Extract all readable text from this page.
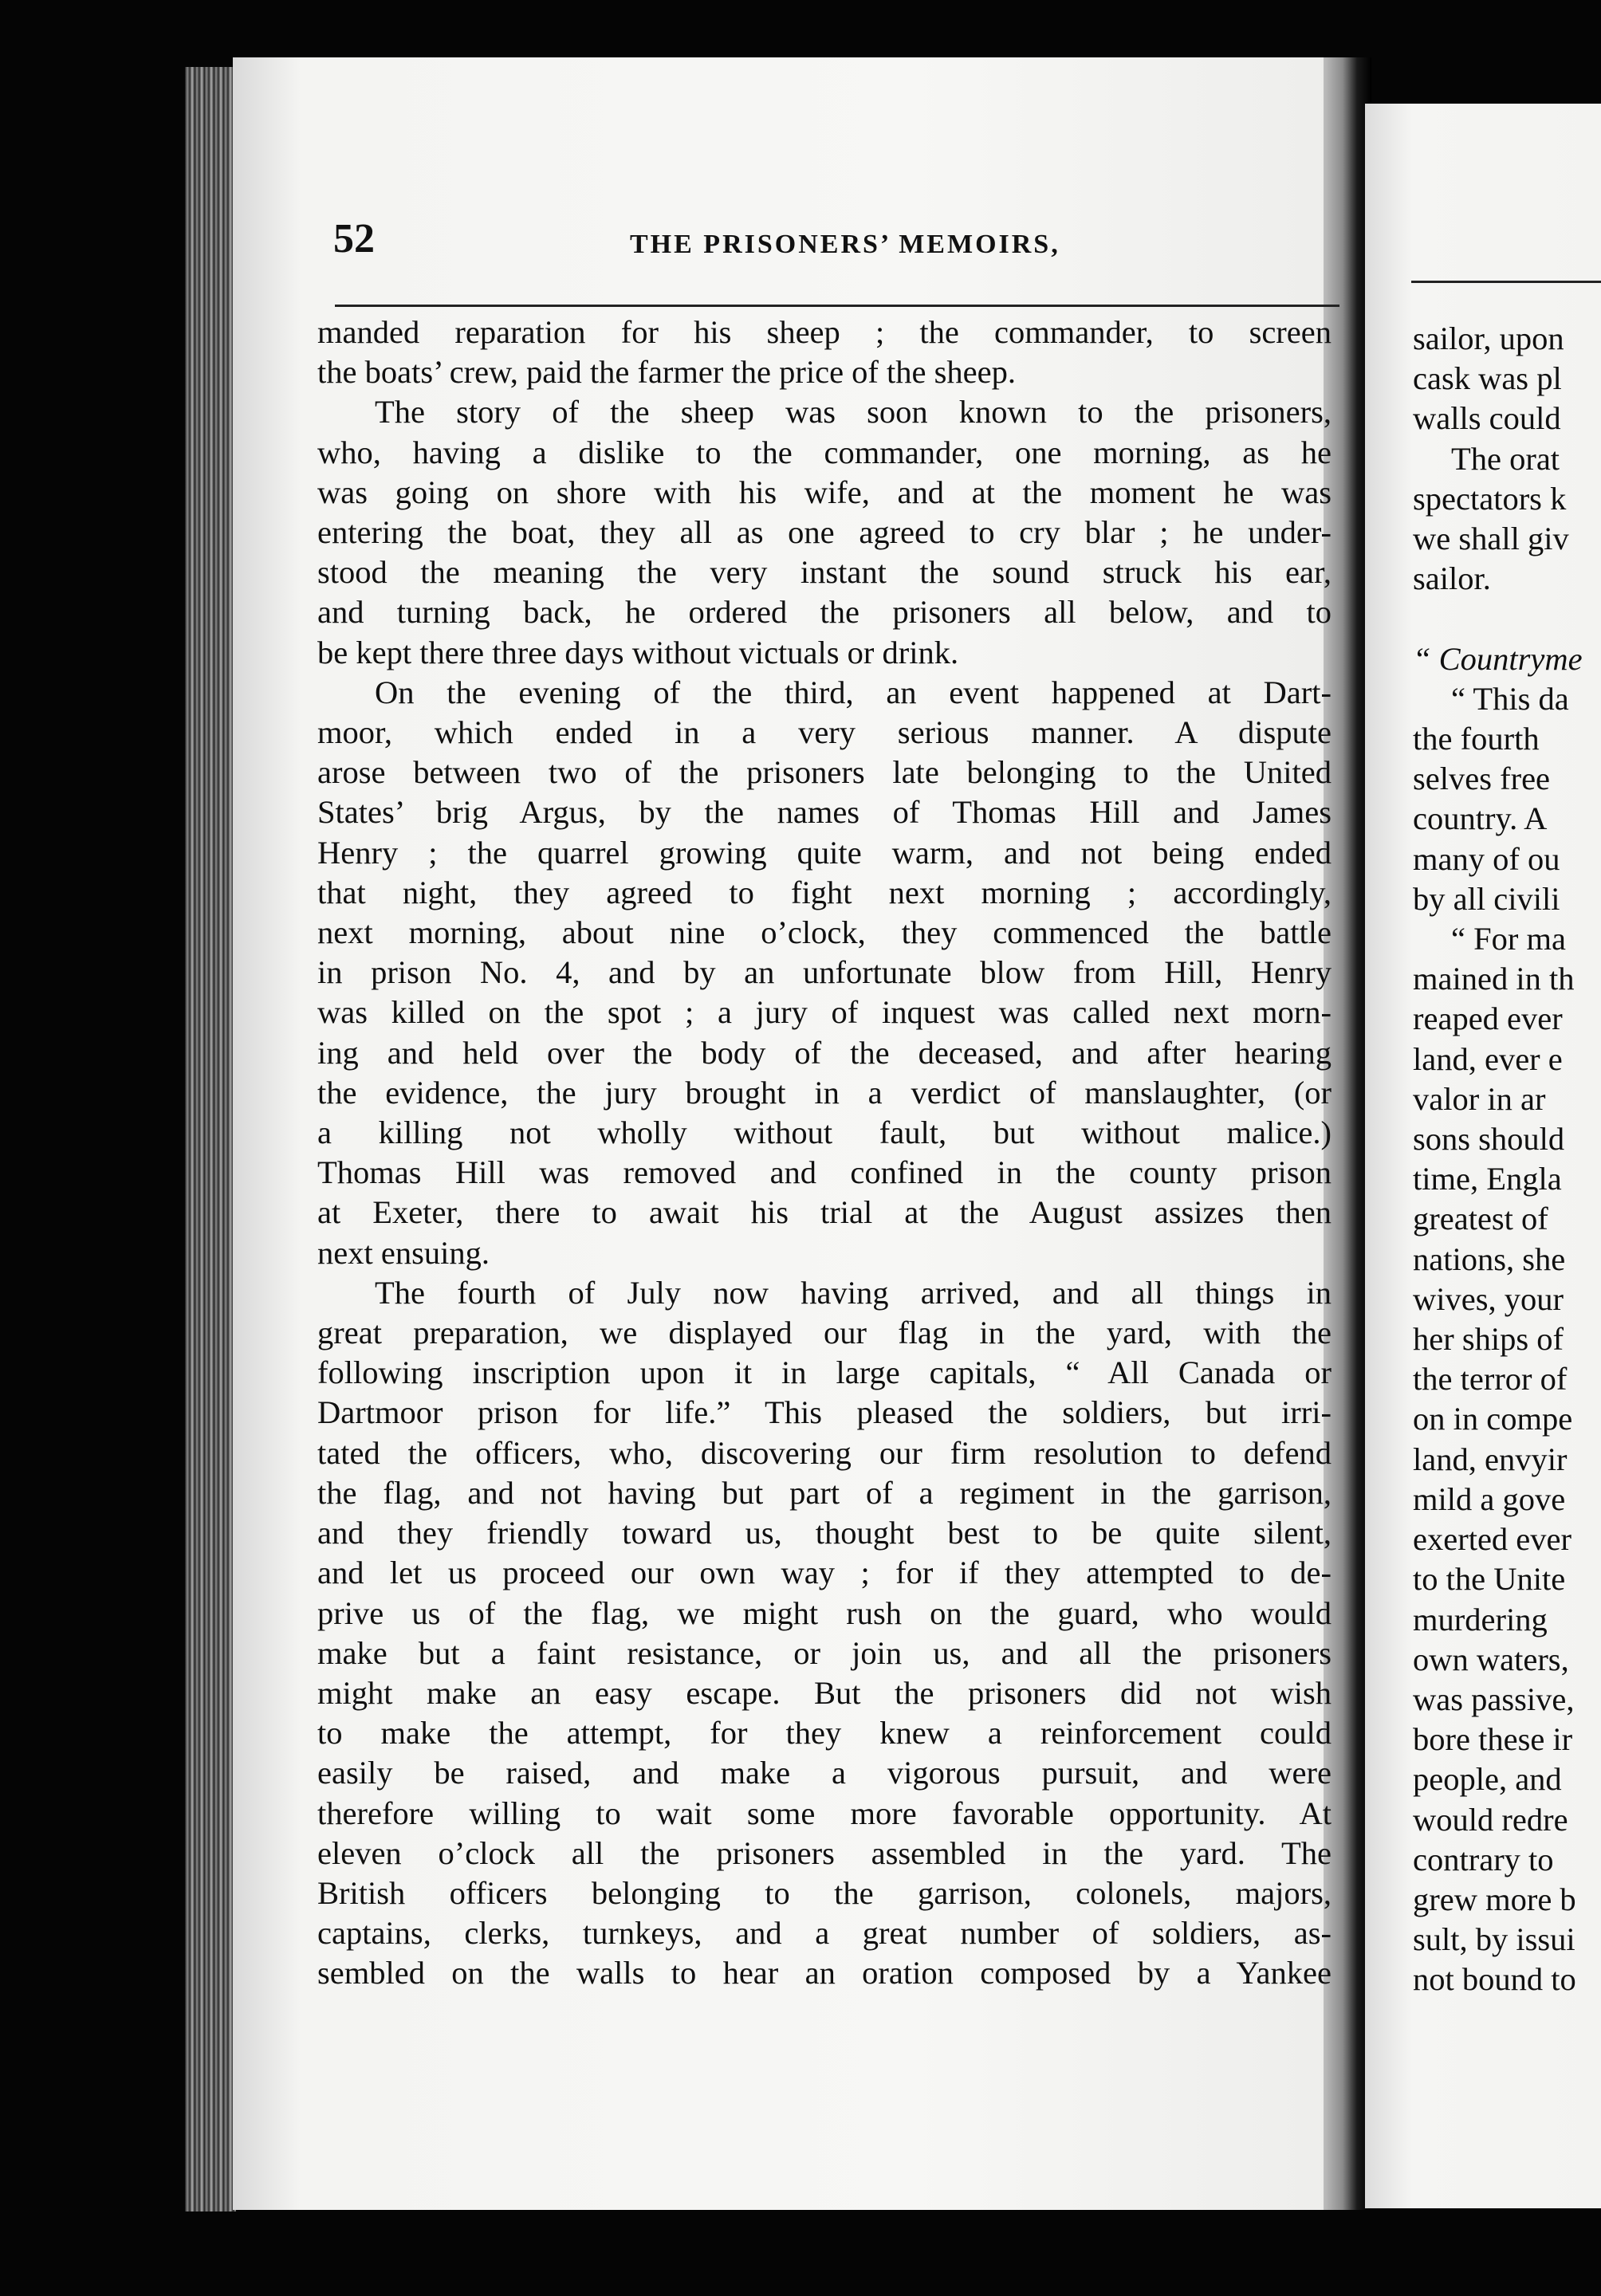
52	THE PRISONERS’ MEMOIRS,
manded reparation for his sheep ; the commander, to screen
the boats’ crew, paid the farmer the price of the sheep.
The story of the sheep was soon known to the prisoners,
who, having a dislike to the commander, one morning, as he
was going on shore with his wife, and at the moment he was
entering the boat, they all as one agreed to cry blar ; he under-
stood the meaning the very instant the sound struck his ear,
and turning back, he ordered the prisoners all below, and to
be kept there three days without victuals or drink.
On the evening of the third, an event happened at Dart-
moor, which ended in a very serious manner. A dispute
arose between two of the prisoners late belonging to the United
States’ brig Argus, by the names of Thomas Hill and James
Henry ; the quarrel growing quite warm, and not being ended
that night, they agreed to fight next morning ; accordingly,
next morning, about nine o’clock, they commenced the battle
in prison No. 4, and by an unfortunate blow from Hill, Henry
was killed on the spot ; a jury of inquest was called next morn-
ing and held over the body of the deceased, and after hearing
the evidence, the jury brought in a verdict of manslaughter, (or
a killing not wholly without fault, but without malice.)
Thomas Hill was removed and confined in the county prison
at Exeter, there to await his trial at the August assizes then
next ensuing.
The fourth of July now having arrived, and all things in
great preparation, we displayed our flag in the yard, with the
following inscription upon it in large capitals, “ All Canada or
Dartmoor prison for life.” This pleased the soldiers, but irri-
tated the officers, who, discovering our firm resolution to defend
the flag, and not having but part of a regiment in the garrison,
and they friendly toward us, thought best to be quite silent,
and let us proceed our own way ; for if they attempted to de-
prive us of the flag, we might rush on the guard, who would
make but a faint resistance, or join us, and all the prisoners
might make an easy escape. But the prisoners did not wish
to make the attempt, for they knew a reinforcement could
easily be raised, and make a vigorous pursuit, and were
therefore willing to wait some more favorable opportunity. At
eleven o’clock all the prisoners assembled in the yard. The
British officers belonging to the garrison, colonels, majors,
captains, clerks, turnkeys, and a great number of soldiers, as-
sembled on the walls to hear an oration composed by a Yankee
sailor, upon
cask was pl
walls could
The orat
spectators k
we shall giv
sailor.

“ Countryme
“ This da
the fourth
selves free
country. A
many of ou
by all civili
“ For ma
mained in th
reaped ever
land, ever e
valor in ar
sons should
time, Engla
greatest of
nations, she
wives, your
her ships of
the terror of
on in compe
land, envyir
mild a gove
exerted ever
to the Unite
murdering
own waters,
was passive,
bore these ir
people, and
would redre
contrary to
grew more b
sult, by issui
not bound to
